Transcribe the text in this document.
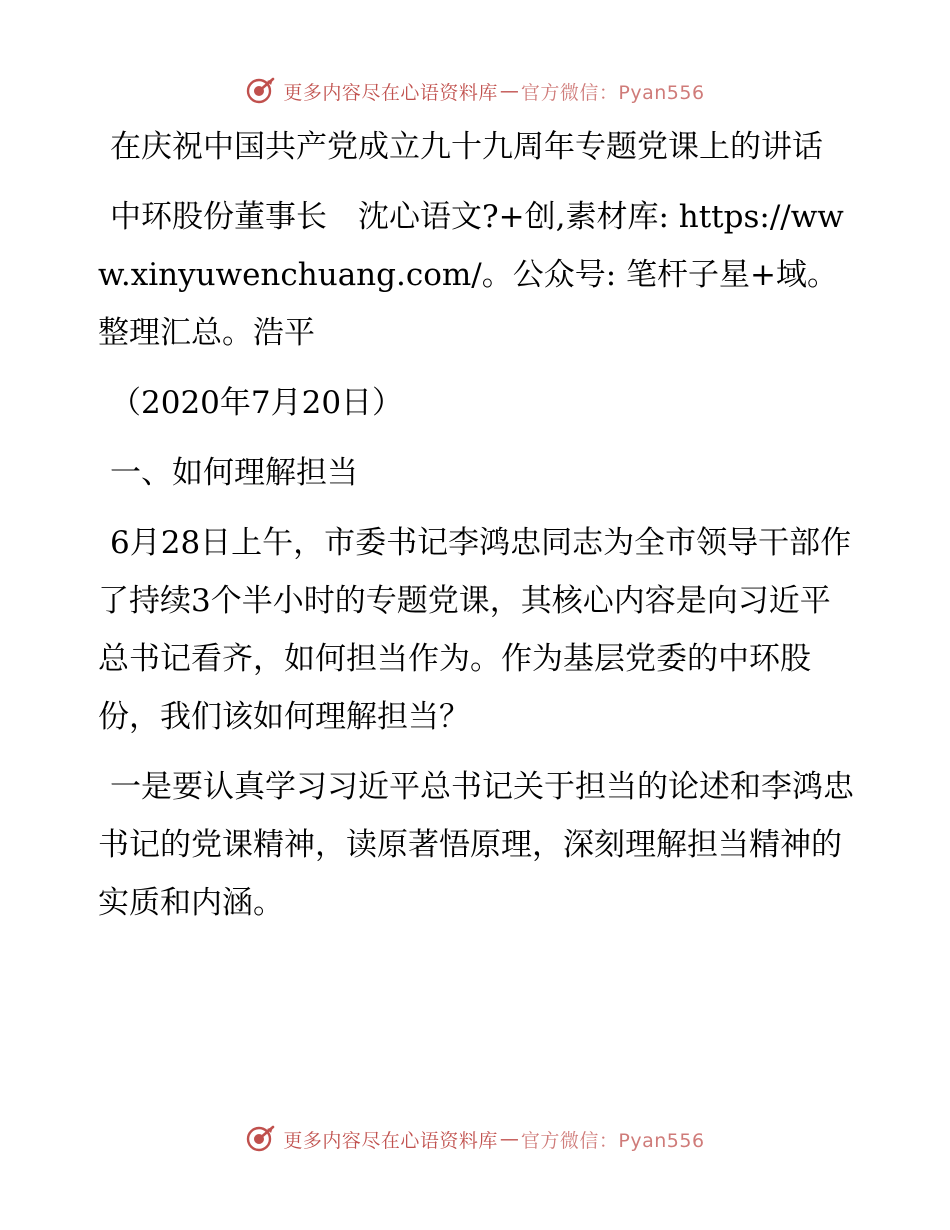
更多内容尽在心语资料库 — 官方微信：Pyan556

在庆祝中国共产党成立九十九周年专题党课上的讲话

中环股份董事长　沈心语文?+创,素材库: https://www.xinyuwenchuang.com/。公众号: 笔杆子星+域。整理汇总。浩平

（2020年7月20日）

一、如何理解担当

6月28日上午，市委书记李鸿忠同志为全市领导干部作了持续3个半小时的专题党课，其核心内容是向习近平总书记看齐，如何担当作为。作为基层党委的中环股份，我们该如何理解担当？

一是要认真学习习近平总书记关于担当的论述和李鸿忠书记的党课精神，读原著悟原理，深刻理解担当精神的实质和内涵。

更多内容尽在心语资料库 — 官方微信：Pyan556
